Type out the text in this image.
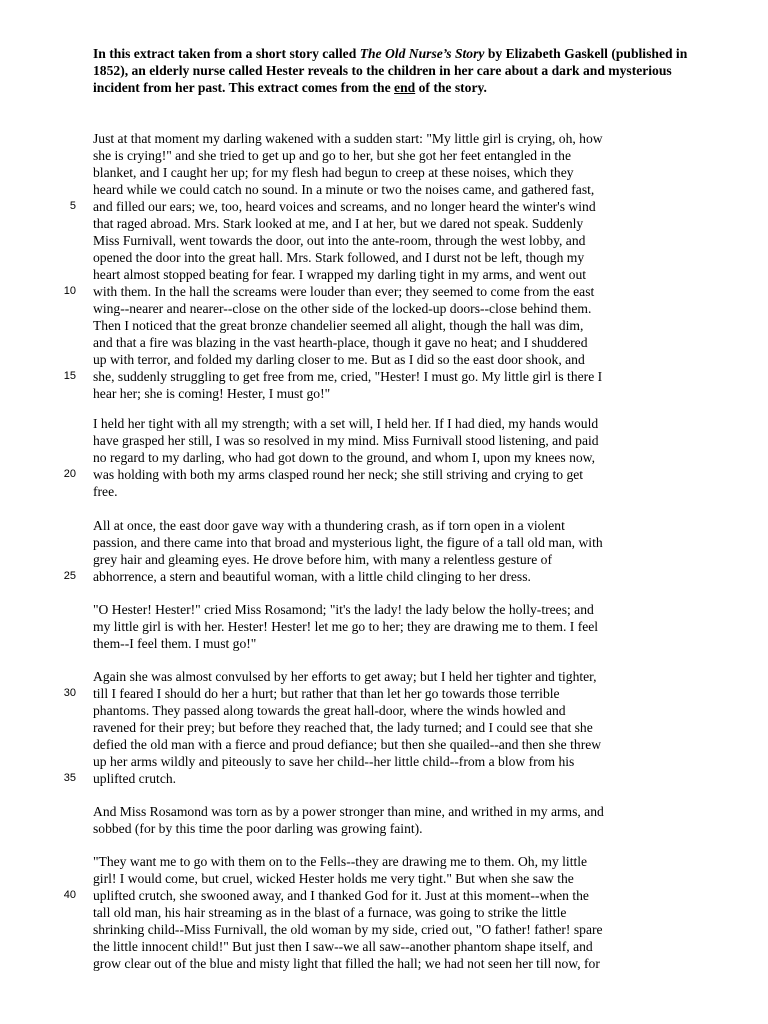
In this extract taken from a short story called The Old Nurse’s Story by Elizabeth Gaskell (published in 1852), an elderly nurse called Hester reveals to the children in her care about a dark and mysterious incident from her past. This extract comes from the end of the story.

Just at that moment my darling wakened with a sudden start: "My little girl is crying, oh, how
she is crying!" and she tried to get up and go to her, but she got her feet entangled in the
blanket, and I caught her up; for my flesh had begun to creep at these noises, which they
heard while we could catch no sound. In a minute or two the noises came, and gathered fast,
and filled our ears; we, too, heard voices and screams, and no longer heard the winter's wind
that raged abroad. Mrs. Stark looked at me, and I at her, but we dared not speak. Suddenly
Miss Furnivall, went towards the door, out into the ante-room, through the west lobby, and
opened the door into the great hall. Mrs. Stark followed, and I durst not be left, though my
heart almost stopped beating for fear. I wrapped my darling tight in my arms, and went out
with them. In the hall the screams were louder than ever; they seemed to come from the east
wing--nearer and nearer--close on the other side of the locked-up doors--close behind them.
Then I noticed that the great bronze chandelier seemed all alight, though the hall was dim,
and that a fire was blazing in the vast hearth-place, though it gave no heat; and I shuddered
up with terror, and folded my darling closer to me. But as I did so the east door shook, and
she, suddenly struggling to get free from me, cried, "Hester! I must go. My little girl is there I
hear her; she is coming! Hester, I must go!"
I held her tight with all my strength; with a set will, I held her. If I had died, my hands would
have grasped her still, I was so resolved in my mind. Miss Furnivall stood listening, and paid
no regard to my darling, who had got down to the ground, and whom I, upon my knees now,
was holding with both my arms clasped round her neck; she still striving and crying to get
free.
All at once, the east door gave way with a thundering crash, as if torn open in a violent
passion, and there came into that broad and mysterious light, the figure of a tall old man, with
grey hair and gleaming eyes. He drove before him, with many a relentless gesture of
abhorrence, a stern and beautiful woman, with a little child clinging to her dress.
"O Hester! Hester!" cried Miss Rosamond; "it's the lady! the lady below the holly-trees; and
my little girl is with her. Hester! Hester! let me go to her; they are drawing me to them. I feel
them--I feel them. I must go!"
Again she was almost convulsed by her efforts to get away; but I held her tighter and tighter,
till I feared I should do her a hurt; but rather that than let her go towards those terrible
phantoms. They passed along towards the great hall-door, where the winds howled and
ravened for their prey; but before they reached that, the lady turned; and I could see that she
defied the old man with a fierce and proud defiance; but then she quailed--and then she threw
up her arms wildly and piteously to save her child--her little child--from a blow from his
uplifted crutch.
And Miss Rosamond was torn as by a power stronger than mine, and writhed in my arms, and
sobbed (for by this time the poor darling was growing faint).
"They want me to go with them on to the Fells--they are drawing me to them. Oh, my little
girl! I would come, but cruel, wicked Hester holds me very tight." But when she saw the
uplifted crutch, she swooned away, and I thanked God for it. Just at this moment--when the
tall old man, his hair streaming as in the blast of a furnace, was going to strike the little
shrinking child--Miss Furnivall, the old woman by my side, cried out, "O father! father! spare
the little innocent child!" But just then I saw--we all saw--another phantom shape itself, and
grow clear out of the blue and misty light that filled the hall; we had not seen her till now, for
5
10
15
20
25
30
35
40
